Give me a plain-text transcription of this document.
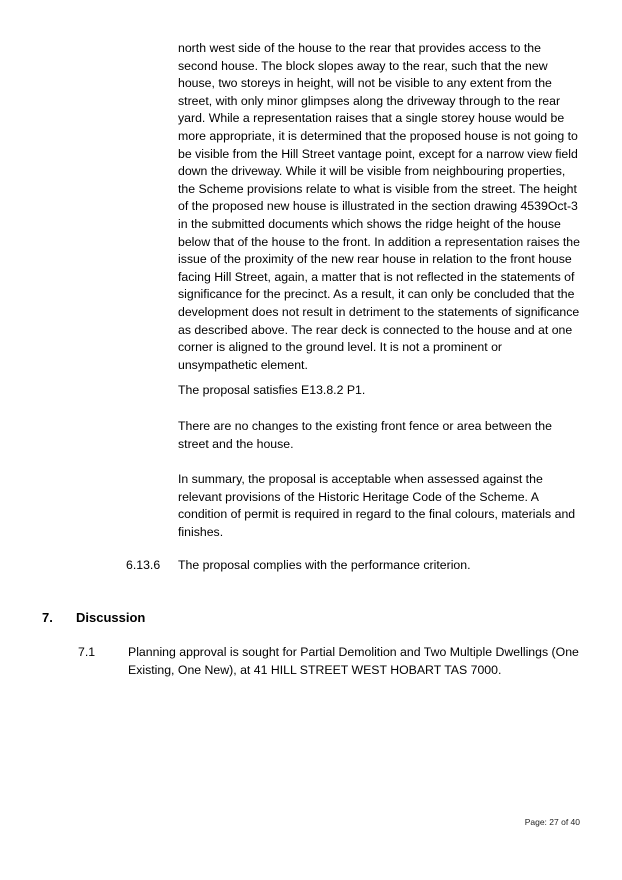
north west side of the house to the rear that provides access to the second house. The block slopes away to the rear, such that the new house, two storeys in height, will not be visible to any extent from the street, with only minor glimpses along the driveway through to the rear yard. While a representation raises that a single storey house would be more appropriate, it is determined that the proposed house is not going to be visible from the Hill Street vantage point, except for a narrow view field down the driveway. While it will be visible from neighbouring properties, the Scheme provisions relate to what is visible from the street. The height of the proposed new house is illustrated in the section drawing 4539Oct-3 in the submitted documents which shows the ridge height of the house below that of the house to the front. In addition a representation raises the issue of the proximity of the new rear house in relation to the front house facing Hill Street, again, a matter that is not reflected in the statements of significance for the precinct. As a result, it can only be concluded that the development does not result in detriment to the statements of significance as described above. The rear deck is connected to the house and at one corner is aligned to the ground level. It is not a prominent or unsympathetic element.

The proposal satisfies E13.8.2 P1.

There are no changes to the existing front fence or area between the street and the house.

In summary, the proposal is acceptable when assessed against the relevant provisions of the Historic Heritage Code of the Scheme. A condition of permit is required in regard to the final colours, materials and finishes.

6.13.6 The proposal complies with the performance criterion.
7. Discussion
7.1	Planning approval is sought for Partial Demolition and Two Multiple Dwellings (One Existing, One New), at 41 HILL STREET WEST HOBART TAS 7000.
Page: 27 of 40
